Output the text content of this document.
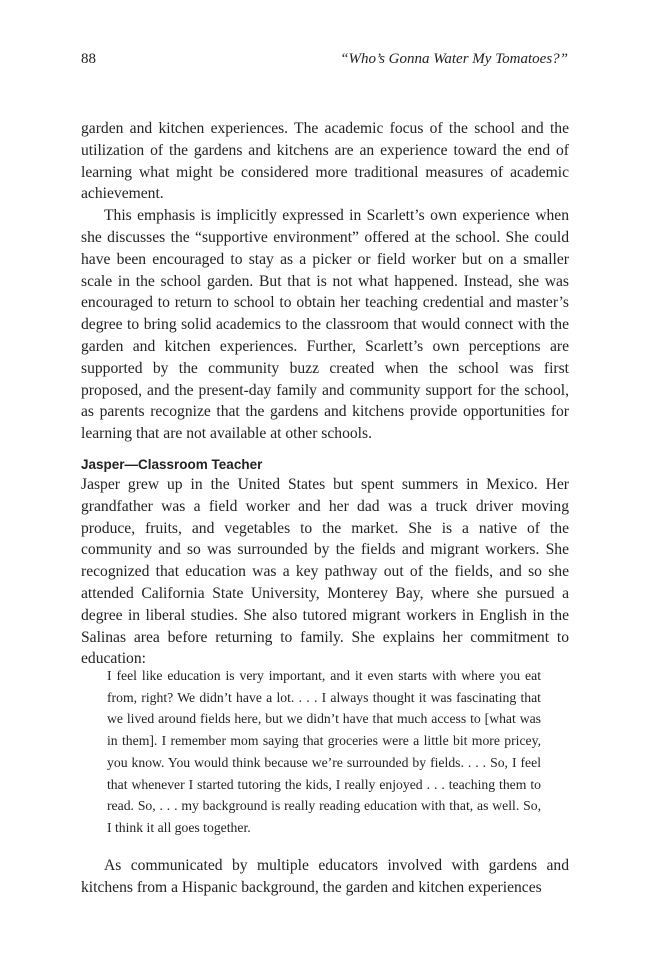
88	“Who’s Gonna Water My Tomatoes?”

garden and kitchen experiences. The academic focus of the school and the utilization of the gardens and kitchens are an experience toward the end of learning what might be considered more traditional measures of academic achievement.

This emphasis is implicitly expressed in Scarlett’s own experience when she discusses the “supportive environment” offered at the school. She could have been encouraged to stay as a picker or field worker but on a smaller scale in the school garden. But that is not what happened. Instead, she was encouraged to return to school to obtain her teaching credential and master’s degree to bring solid academics to the classroom that would connect with the garden and kitchen experiences. Further, Scarlett’s own perceptions are supported by the community buzz created when the school was first proposed, and the present-day family and community support for the school, as parents recognize that the gardens and kitchens provide opportunities for learning that are not available at other schools.

Jasper—Classroom Teacher

Jasper grew up in the United States but spent summers in Mexico. Her grandfather was a field worker and her dad was a truck driver moving produce, fruits, and vegetables to the market. She is a native of the community and so was surrounded by the fields and migrant workers. She recognized that education was a key pathway out of the fields, and so she attended California State University, Monterey Bay, where she pursued a degree in liberal studies. She also tutored migrant workers in English in the Salinas area before returning to family. She explains her commitment to education:

I feel like education is very important, and it even starts with where you eat from, right? We didn’t have a lot. . . . I always thought it was fascinating that we lived around fields here, but we didn’t have that much access to [what was in them]. I remember mom saying that groceries were a little bit more pricey, you know. You would think because we’re surrounded by fields. . . . So, I feel that whenever I started tutoring the kids, I really enjoyed . . . teaching them to read. So, . . . my background is really reading education with that, as well. So, I think it all goes together.

As communicated by multiple educators involved with gardens and kitchens from a Hispanic background, the garden and kitchen experiences
